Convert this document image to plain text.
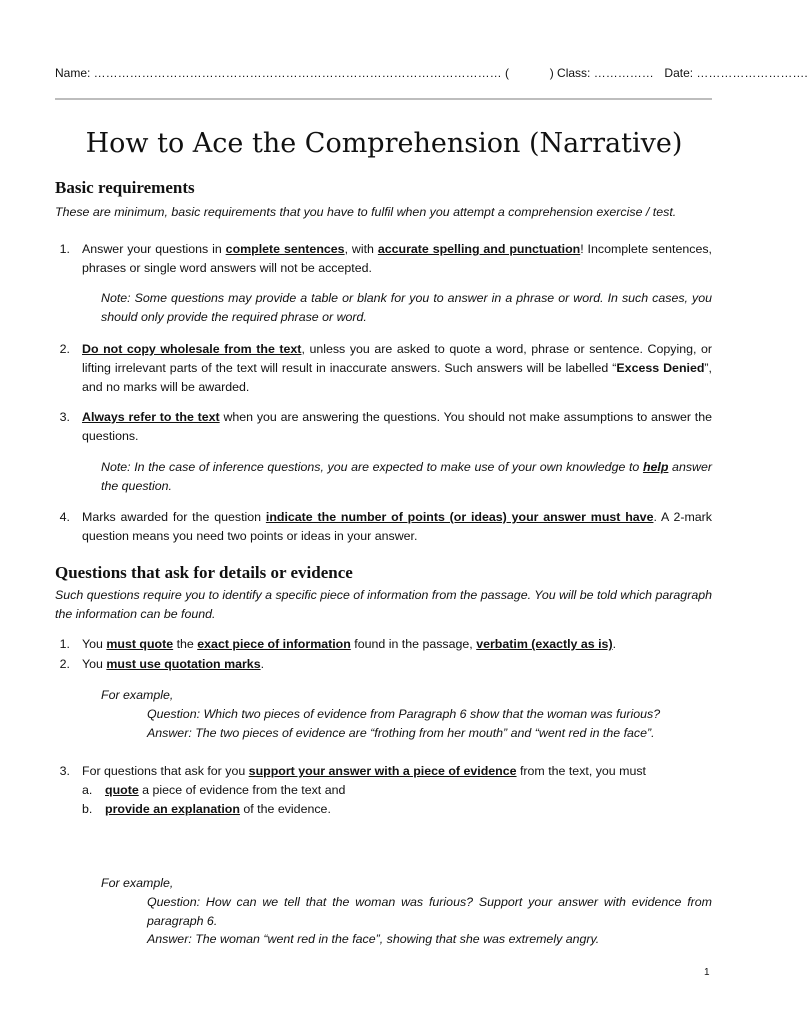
Name: ………………………………………………………………………………………… (	) Class: …………… Date: ……………………….
How to Ace the Comprehension (Narrative)
Basic requirements
These are minimum, basic requirements that you have to fulfil when you attempt a comprehension exercise / test.
1. Answer your questions in complete sentences, with accurate spelling and punctuation! Incomplete sentences, phrases or single word answers will not be accepted.
Note: Some questions may provide a table or blank for you to answer in a phrase or word. In such cases, you should only provide the required phrase or word.
2. Do not copy wholesale from the text, unless you are asked to quote a word, phrase or sentence. Copying, or lifting irrelevant parts of the text will result in inaccurate answers. Such answers will be labelled “Excess Denied”, and no marks will be awarded.
3. Always refer to the text when you are answering the questions. You should not make assumptions to answer the questions.
Note: In the case of inference questions, you are expected to make use of your own knowledge to help answer the question.
4. Marks awarded for the question indicate the number of points (or ideas) your answer must have. A 2-mark question means you need two points or ideas in your answer.
Questions that ask for details or evidence
Such questions require you to identify a specific piece of information from the passage. You will be told which paragraph the information can be found.
1. You must quote the exact piece of information found in the passage, verbatim (exactly as is).
2. You must use quotation marks.
For example,
Question: Which two pieces of evidence from Paragraph 6 show that the woman was furious?
Answer: The two pieces of evidence are “frothing from her mouth” and “went red in the face”.
3. For questions that ask for you support your answer with a piece of evidence from the text, you must
a. quote a piece of evidence from the text and
b. provide an explanation of the evidence.
For example,
Question: How can we tell that the woman was furious? Support your answer with evidence from paragraph 6.
Answer: The woman “went red in the face”, showing that she was extremely angry.
1
